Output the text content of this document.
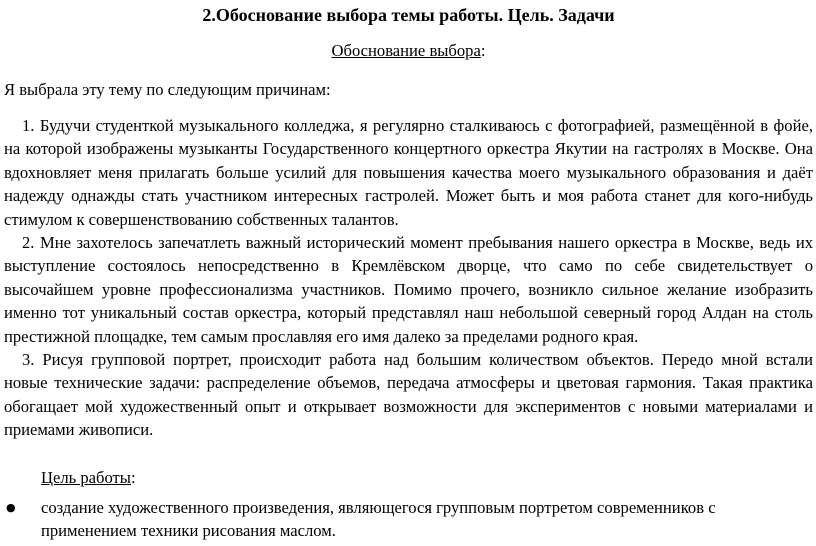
2.Обоснование выбора темы работы. Цель. Задачи

Обоснование выбора:

Я выбрала эту тему по следующим причинам:

1. Будучи студенткой музыкального колледжа, я регулярно сталкиваюсь с фотографией, размещённой в фойе, на которой изображены музыканты Государственного концертного оркестра Якутии на гастролях в Москве. Она вдохновляет меня прилагать больше усилий для повышения качества моего музыкального образования и даёт надежду однажды стать участником интересных гастролей. Может быть и моя работа станет для кого-нибудь стимулом к совершенствованию собственных талантов.

2. Мне захотелось запечатлеть важный исторический момент пребывания нашего оркестра в Москве, ведь их выступление состоялось непосредственно в Кремлёвском дворце, что само по себе свидетельствует о высочайшем уровне профессионализма участников. Помимо прочего, возникло сильное желание изобразить именно тот уникальный состав оркестра, который представлял наш небольшой северный город Алдан на столь престижной площадке, тем самым прославляя его имя далеко за пределами родного края.

3. Рисуя групповой портрет, происходит работа над большим количеством объектов. Передо мной встали новые технические задачи: распределение объемов, передача атмосферы и цветовая гармония. Такая практика обогащает мой художественный опыт и открывает возможности для экспериментов с новыми материалами и приемами живописи.

Цель работы:

● создание художественного произведения, являющегося групповым портретом современников с применением техники рисования маслом.
